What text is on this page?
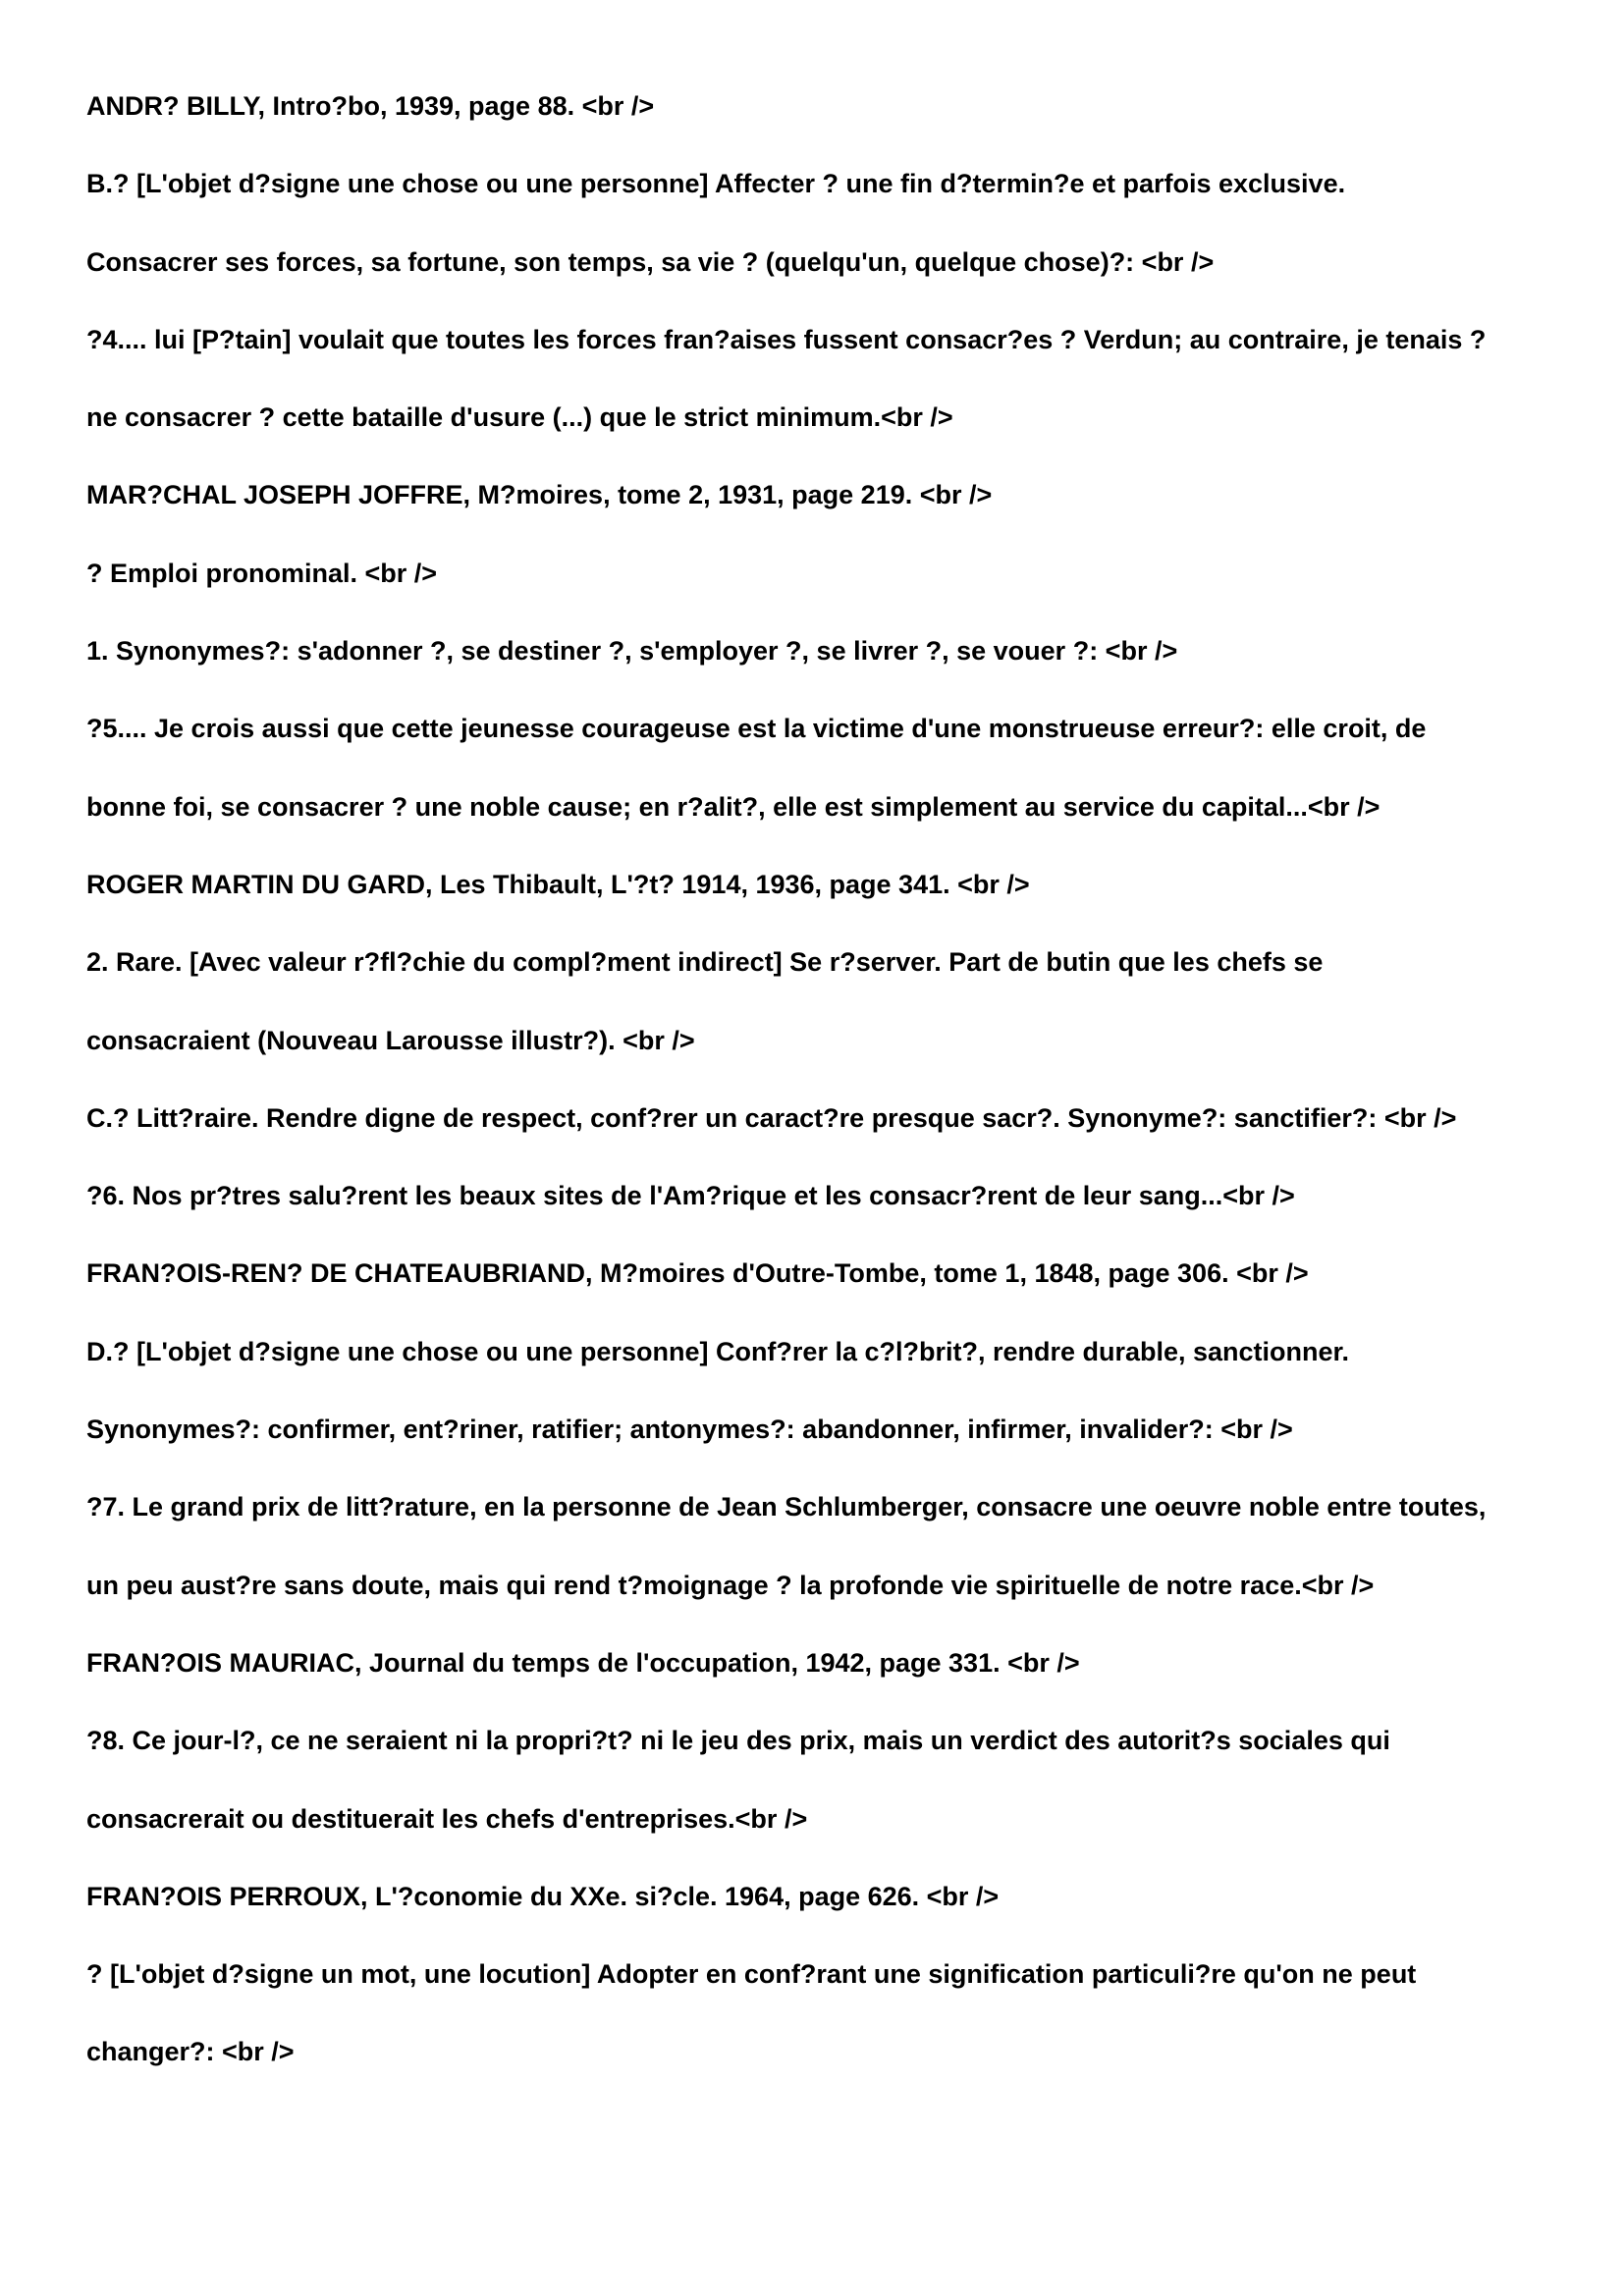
ANDR? BILLY, Intro?bo, 1939, page 88. <br />
B.? [L'objet d?signe une chose ou une personne] Affecter ? une fin d?termin?e et parfois exclusive.
Consacrer ses forces, sa fortune, son temps, sa vie ? (quelqu'un, quelque chose)?: <br />
?4.... lui [P?tain] voulait que toutes les forces fran?aises fussent consacr?es ? Verdun; au contraire, je tenais ?
ne consacrer ? cette bataille d'usure (...) que le strict minimum.<br />
MAR?CHAL JOSEPH JOFFRE, M?moires, tome 2, 1931, page 219. <br />
? Emploi pronominal. <br />
1. Synonymes?: s'adonner ?, se destiner ?, s'employer ?, se livrer ?, se vouer ?: <br />
?5.... Je crois aussi que cette jeunesse courageuse est la victime d'une monstrueuse erreur?: elle croit, de
bonne foi, se consacrer ? une noble cause; en r?alit?, elle est simplement au service du capital...<br />
ROGER MARTIN DU GARD, Les Thibault, L'?t? 1914, 1936, page 341. <br />
2. Rare. [Avec valeur r?fl?chie du compl?ment indirect] Se r?server. Part de butin que les chefs se
consacraient (Nouveau Larousse illustr?). <br />
C.? Litt?raire. Rendre digne de respect, conf?rer un caract?re presque sacr?. Synonyme?: sanctifier?: <br />
?6. Nos pr?tres salu?rent les beaux sites de l'Am?rique et les consacr?rent de leur sang...<br />
FRAN?OIS-REN? DE CHATEAUBRIAND, M?moires d'Outre-Tombe, tome 1, 1848, page 306. <br />
D.? [L'objet d?signe une chose ou une personne] Conf?rer la c?l?brit?, rendre durable, sanctionner.
Synonymes?: confirmer, ent?riner, ratifier; antonymes?: abandonner, infirmer, invalider?: <br />
?7. Le grand prix de litt?rature, en la personne de Jean Schlumberger, consacre une oeuvre noble entre toutes,
un peu aust?re sans doute, mais qui rend t?moignage ? la profonde vie spirituelle de notre race.<br />
FRAN?OIS MAURIAC, Journal du temps de l'occupation, 1942, page 331. <br />
?8. Ce jour-l?, ce ne seraient ni la propri?t? ni le jeu des prix, mais un verdict des autorit?s sociales qui
consacrerait ou destituerait les chefs d'entreprises.<br />
FRAN?OIS PERROUX, L'?conomie du XXe. si?cle. 1964, page 626. <br />
? [L'objet d?signe un mot, une locution] Adopter en conf?rant une signification particuli?re qu'on ne peut
changer?: <br />
